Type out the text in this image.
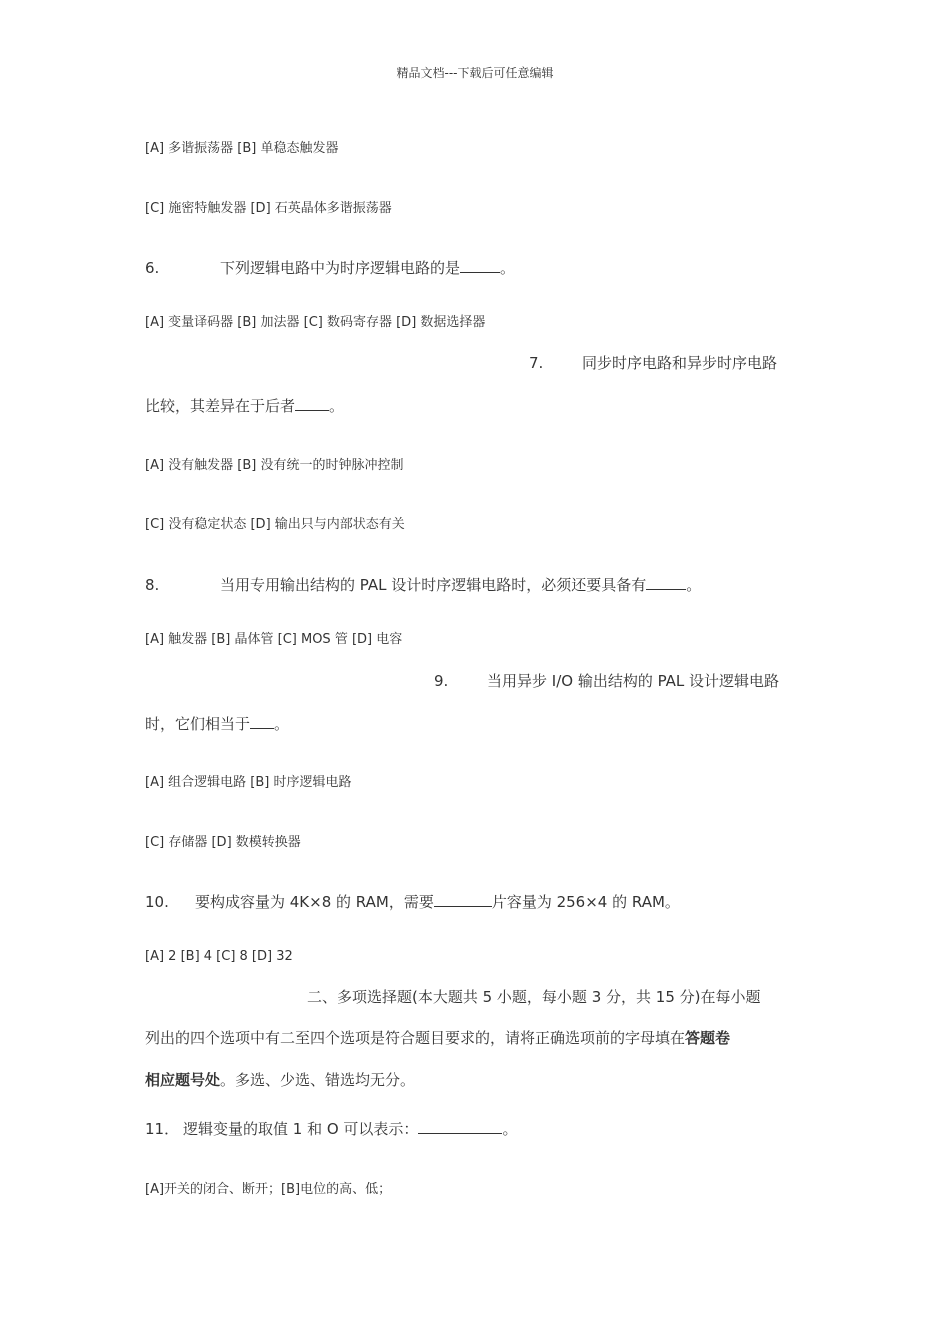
精品文档---下载后可任意编辑
[A] 多谐振荡器 [B] 单稳态触发器
[C] 施密特触发器 [D] 石英晶体多谐振荡器
6.	下列逻辑电路中为时序逻辑电路的是	。
[A] 变量译码器 [B] 加法器 [C] 数码寄存器 [D] 数据选择器
7.	同步时序电路和异步时序电路
比较，其差异在于后者 。
[A] 没有触发器 [B] 没有统一的时钟脉冲控制
[C] 没有稳定状态 [D] 输出只与内部状态有关
8.	当用专用输出结构的 PAL 设计时序逻辑电路时，必须还要具备有	。
[A] 触发器 [B] 晶体管 [C] MOS 管 [D] 电容
9.	当用异步 I/O 输出结构的 PAL 设计逻辑电路
时，它们相当于 。
[A] 组合逻辑电路 [B] 时序逻辑电路
[C] 存储器 [D] 数模转换器
10. 要构成容量为 4K×8 的 RAM，需要	片容量为 256×4 的 RAM。
[A] 2 [B] 4 [C] 8 [D] 32
二、多项选择题(本大题共 5 小题，每小题 3 分，共 15 分)在每小题
列出的四个选项中有二至四个选项是符合题目要求的，请将正确选项前的字母填在答题卷
相应题号处。多选、少选、错选均无分。
11． 逻辑变量的取值 1 和 O 可以表示：	。
[A]开关的闭合、断开；[B]电位的高、低；
